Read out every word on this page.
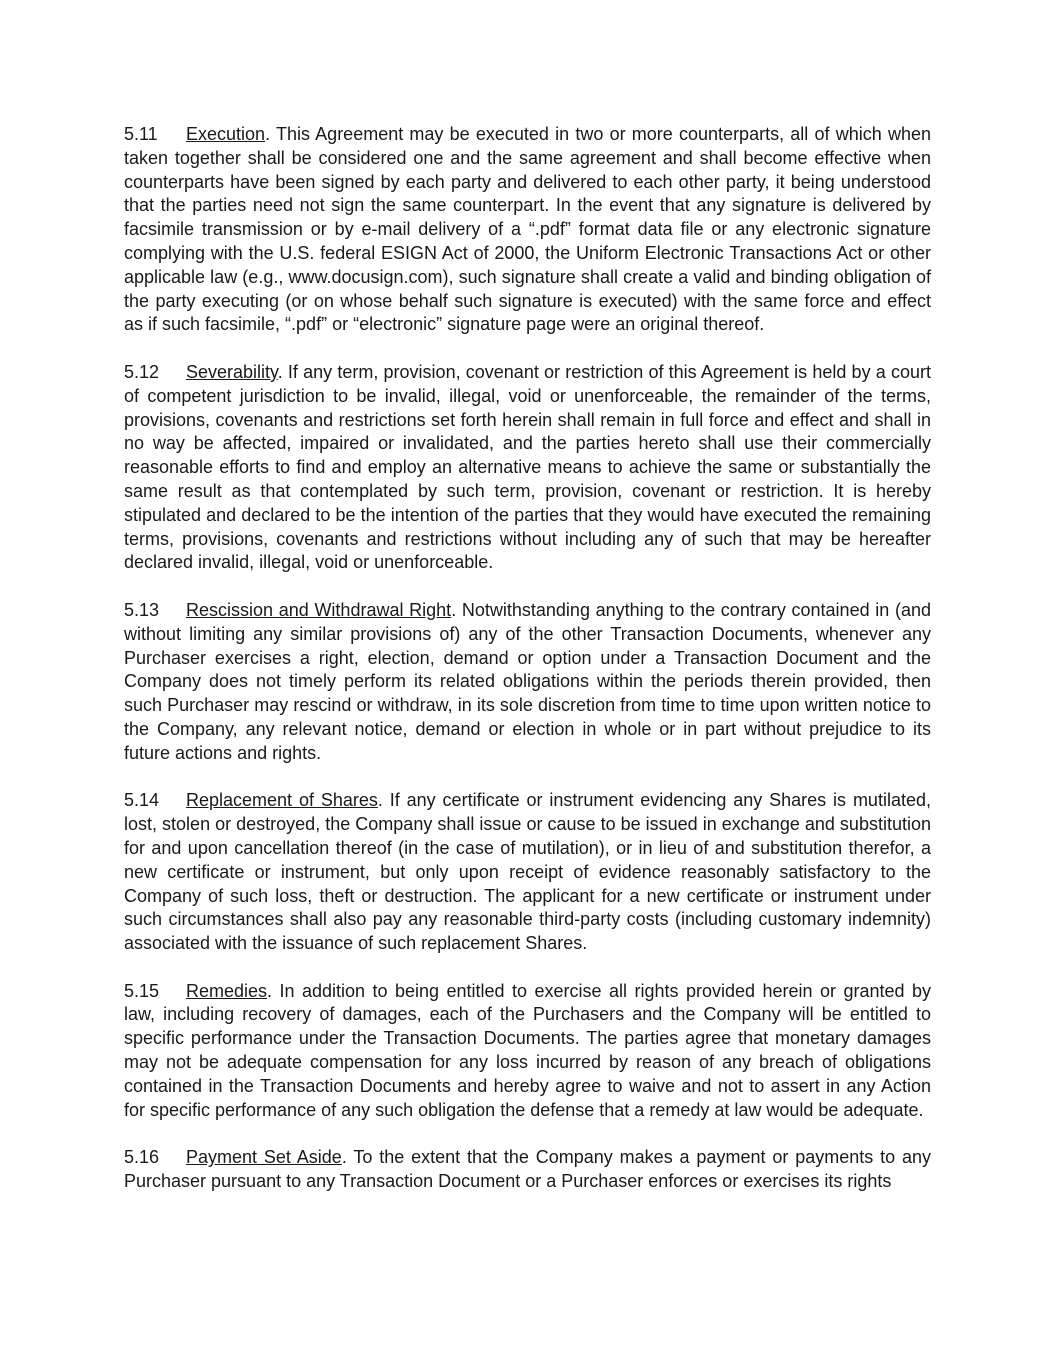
5.11 Execution. This Agreement may be executed in two or more counterparts, all of which when taken together shall be considered one and the same agreement and shall become effective when counterparts have been signed by each party and delivered to each other party, it being understood that the parties need not sign the same counterpart. In the event that any signature is delivered by facsimile transmission or by e-mail delivery of a “.pdf” format data file or any electronic signature complying with the U.S. federal ESIGN Act of 2000, the Uniform Electronic Transactions Act or other applicable law (e.g., www.docusign.com), such signature shall create a valid and binding obligation of the party executing (or on whose behalf such signature is executed) with the same force and effect as if such facsimile, “.pdf” or “electronic” signature page were an original thereof.

5.12 Severability. If any term, provision, covenant or restriction of this Agreement is held by a court of competent jurisdiction to be invalid, illegal, void or unenforceable, the remainder of the terms, provisions, covenants and restrictions set forth herein shall remain in full force and effect and shall in no way be affected, impaired or invalidated, and the parties hereto shall use their commercially reasonable efforts to find and employ an alternative means to achieve the same or substantially the same result as that contemplated by such term, provision, covenant or restriction. It is hereby stipulated and declared to be the intention of the parties that they would have executed the remaining terms, provisions, covenants and restrictions without including any of such that may be hereafter declared invalid, illegal, void or unenforceable.

5.13 Rescission and Withdrawal Right. Notwithstanding anything to the contrary contained in (and without limiting any similar provisions of) any of the other Transaction Documents, whenever any Purchaser exercises a right, election, demand or option under a Transaction Document and the Company does not timely perform its related obligations within the periods therein provided, then such Purchaser may rescind or withdraw, in its sole discretion from time to time upon written notice to the Company, any relevant notice, demand or election in whole or in part without prejudice to its future actions and rights.

5.14 Replacement of Shares. If any certificate or instrument evidencing any Shares is mutilated, lost, stolen or destroyed, the Company shall issue or cause to be issued in exchange and substitution for and upon cancellation thereof (in the case of mutilation), or in lieu of and substitution therefor, a new certificate or instrument, but only upon receipt of evidence reasonably satisfactory to the Company of such loss, theft or destruction. The applicant for a new certificate or instrument under such circumstances shall also pay any reasonable third-party costs (including customary indemnity) associated with the issuance of such replacement Shares.

5.15 Remedies. In addition to being entitled to exercise all rights provided herein or granted by law, including recovery of damages, each of the Purchasers and the Company will be entitled to specific performance under the Transaction Documents. The parties agree that monetary damages may not be adequate compensation for any loss incurred by reason of any breach of obligations contained in the Transaction Documents and hereby agree to waive and not to assert in any Action for specific performance of any such obligation the defense that a remedy at law would be adequate.

5.16 Payment Set Aside. To the extent that the Company makes a payment or payments to any Purchaser pursuant to any Transaction Document or a Purchaser enforces or exercises its rights
